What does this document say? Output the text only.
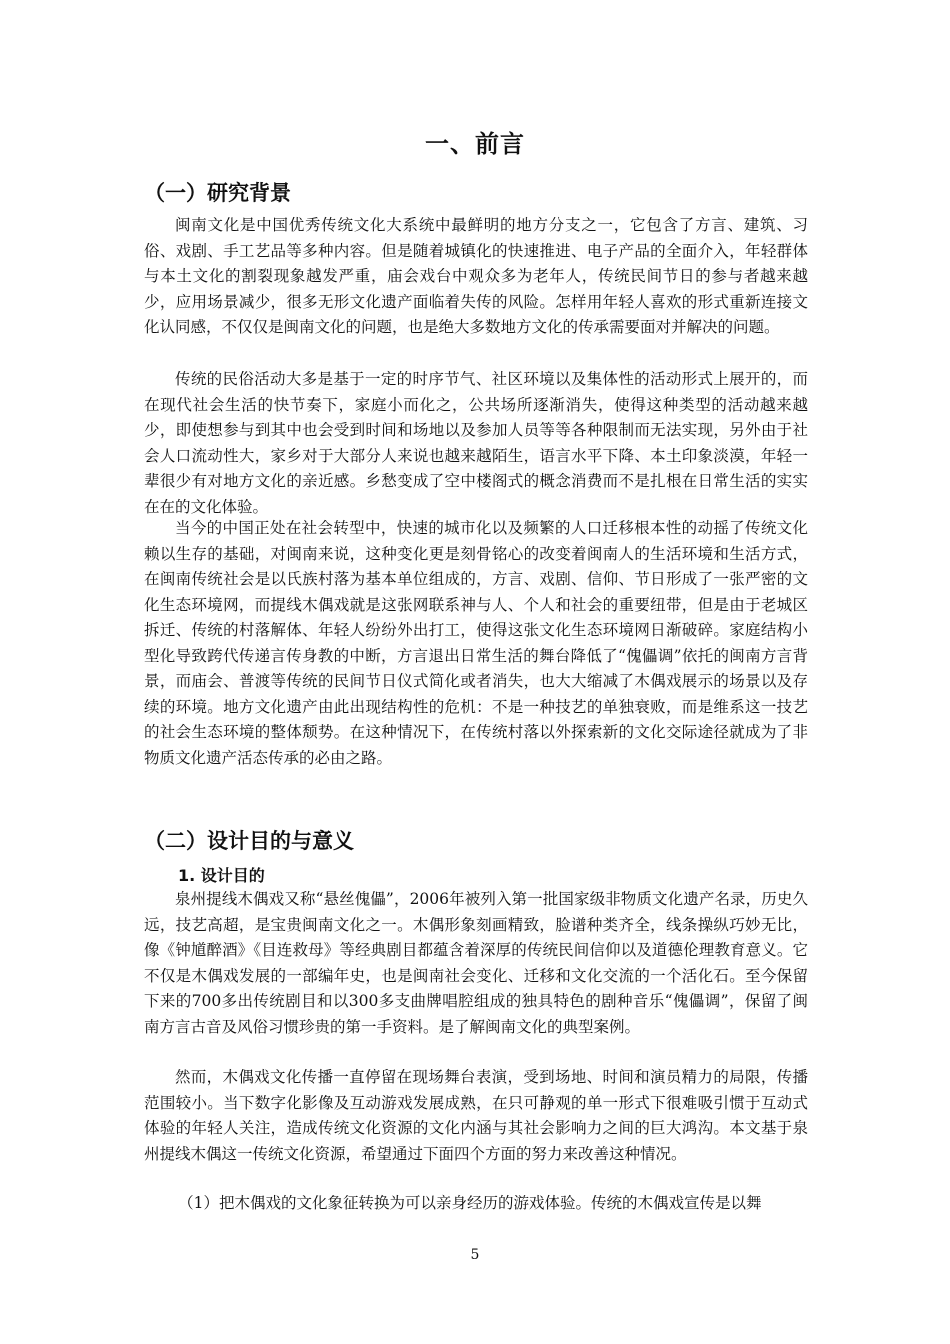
一、前言
（一）研究背景

闽南文化是中国优秀传统文化大系统中最鲜明的地方分支之一，它包含了方言、建筑、习俗、戏剧、手工艺品等多种内容。但是随着城镇化的快速推进、电子产品的全面介入，年轻群体与本土文化的割裂现象越发严重，庙会戏台中观众多为老年人，传统民间节日的参与者越来越少，应用场景减少，很多无形文化遗产面临着失传的风险。怎样用年轻人喜欢的形式重新连接文化认同感，不仅仅是闽南文化的问题，也是绝大多数地方文化的传承需要面对并解决的问题。

传统的民俗活动大多是基于一定的时序节气、社区环境以及集体性的活动形式上展开的，而在现代社会生活的快节奏下，家庭小而化之，公共场所逐渐消失，使得这种类型的活动越来越少，即使想参与到其中也会受到时间和场地以及参加人员等等各种限制而无法实现，另外由于社会人口流动性大，家乡对于大部分人来说也越来越陌生，语言水平下降、本土印象淡漠，年轻一辈很少有对地方文化的亲近感。乡愁变成了空中楼阁式的概念消费而不是扎根在日常生活的实实在在的文化体验。

当今的中国正处在社会转型中，快速的城市化以及频繁的人口迁移根本性的动摇了传统文化赖以生存的基础，对闽南来说，这种变化更是刻骨铭心的改变着闽南人的生活环境和生活方式，在闽南传统社会是以氏族村落为基本单位组成的，方言、戏剧、信仰、节日形成了一张严密的文化生态环境网，而提线木偶戏就是这张网联系神与人、个人和社会的重要纽带，但是由于老城区拆迁、传统的村落解体、年轻人纷纷外出打工，使得这张文化生态环境网日渐破碎。家庭结构小型化导致跨代传递言传身教的中断，方言退出日常生活的舞台降低了“傀儡调”依托的闽南方言背景，而庙会、普渡等传统的民间节日仪式简化或者消失，也大大缩减了木偶戏展示的场景以及存续的环境。地方文化遗产由此出现结构性的危机：不是一种技艺的单独衰败，而是维系这一技艺的社会生态环境的整体颓势。在这种情况下，在传统村落以外探索新的文化交际途径就成为了非物质文化遗产活态传承的必由之路。

（二）设计目的与意义
1. 设计目的

泉州提线木偶戏又称“悬丝傀儡”，2006年被列入第一批国家级非物质文化遗产名录，历史久远，技艺高超，是宝贵闽南文化之一。木偶形象刻画精致，脸谱种类齐全，线条操纵巧妙无比，像《钟馗醉酒》《目连救母》等经典剧目都蕴含着深厚的传统民间信仰以及道德伦理教育意义。它不仅是木偶戏发展的一部编年史，也是闽南社会变化、迁移和文化交流的一个活化石。至今保留下来的700多出传统剧目和以300多支曲牌唱腔组成的独具特色的剧种音乐“傀儡调”，保留了闽南方言古音及风俗习惯珍贵的第一手资料。是了解闽南文化的典型案例。

然而，木偶戏文化传播一直停留在现场舞台表演，受到场地、时间和演员精力的局限，传播范围较小。当下数字化影像及互动游戏发展成熟，在只可静观的单一形式下很难吸引惯于互动式体验的年轻人关注，造成传统文化资源的文化内涵与其社会影响力之间的巨大鸿沟。本文基于泉州提线木偶这一传统文化资源，希望通过下面四个方面的努力来改善这种情况。

（1）把木偶戏的文化象征转换为可以亲身经历的游戏体验。传统的木偶戏宣传是以舞

5
